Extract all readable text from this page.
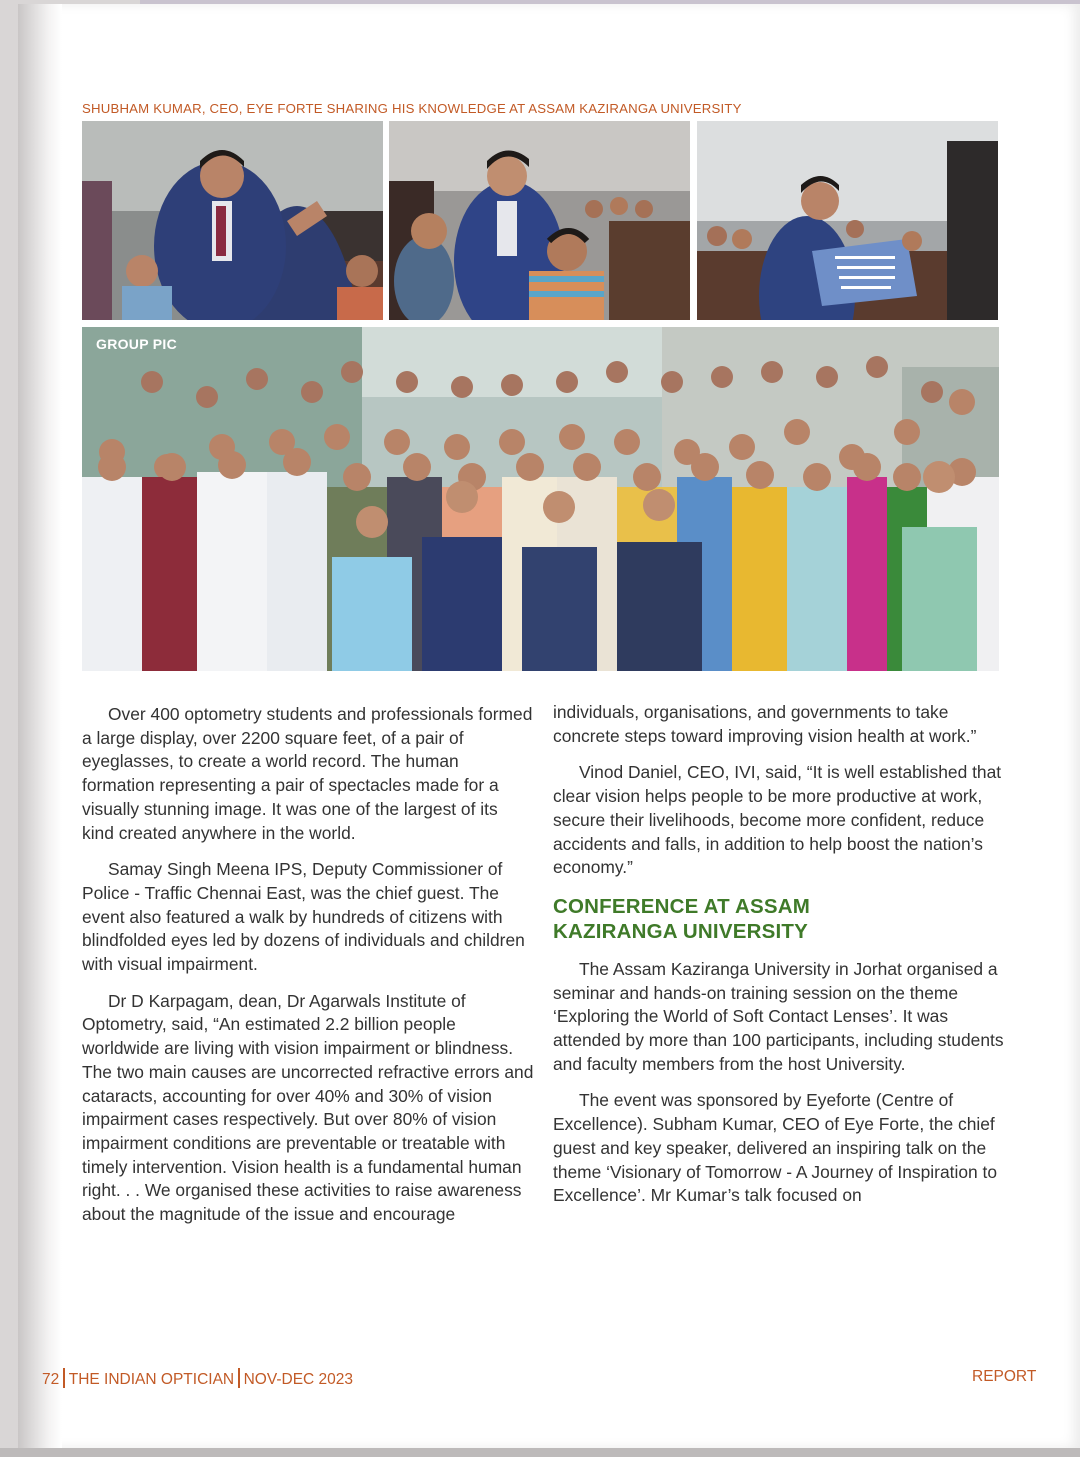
SHUBHAM KUMAR, CEO, EYE FORTE SHARING HIS KNOWLEDGE AT ASSAM KAZIRANGA UNIVERSITY
GROUP PIC

Over 400 optometry students and professionals formed a large display, over 2200 square feet, of a pair of eyeglasses, to create a world record. The human formation representing a pair of spectacles made for a visually stunning image. It was one of the largest of its kind created anywhere in the world.

Samay Singh Meena IPS, Deputy Commissioner of Police - Traffic Chennai East, was the chief guest. The event also featured a walk by hundreds of citizens with blindfolded eyes led by dozens of individuals and children with visual impairment.

Dr D Karpagam, dean, Dr Agarwals Institute of Optometry, said, “An estimated 2.2 billion people worldwide are living with vision impairment or blindness. The two main causes are uncorrected refractive errors and cataracts, accounting for over 40% and 30% of vision impairment cases respectively. But over 80% of vision impairment conditions are preventable or treatable with timely intervention. Vision health is a fundamental human right. . . We organised these activities to raise awareness about the magnitude of the issue and encourage

individuals, organisations, and governments to take concrete steps toward improving vision health at work.”

Vinod Daniel, CEO, IVI, said, “It is well established that clear vision helps people to be more productive at work, secure their livelihoods, become more confident, reduce accidents and falls, in addition to help boost the nation’s economy.”

CONFERENCE AT ASSAM
KAZIRANGA UNIVERSITY

The Assam Kaziranga University in Jorhat organised a seminar and hands-on training session on the theme ‘Exploring the World of Soft Contact Lenses’. It was attended by more than 100 participants, including students and faculty members from the host University.

The event was sponsored by Eyeforte (Centre of Excellence). Subham Kumar, CEO of Eye Forte, the chief guest and key speaker, delivered an inspiring talk on the theme ‘Visionary of Tomorrow - A Journey of Inspiration to Excellence’. Mr Kumar’s talk focused on

72 THE INDIAN OPTICIAN NOV-DEC 2023	REPORT
